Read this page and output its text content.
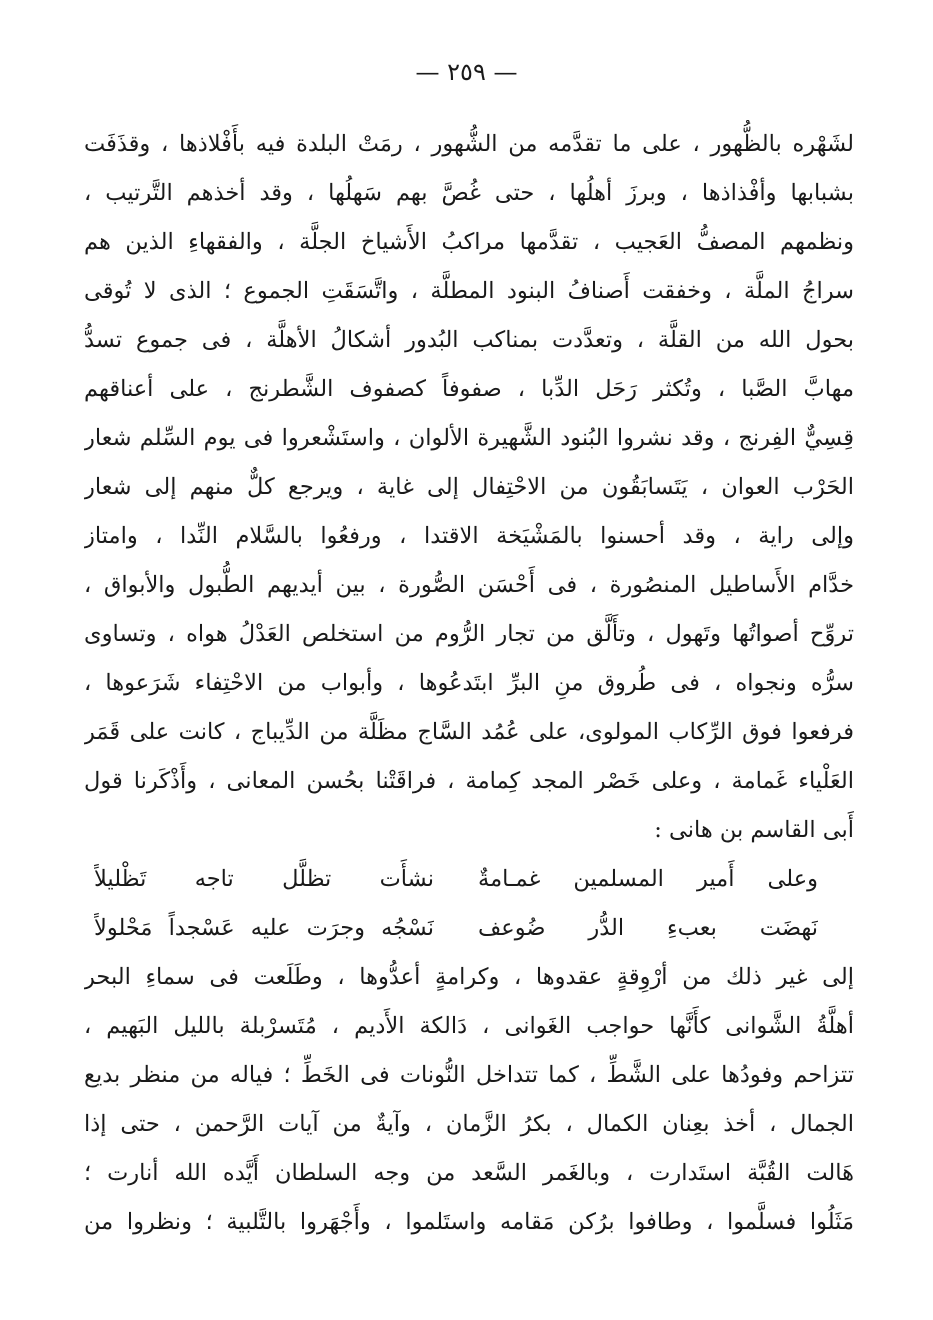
— ٢٥٩ —
لشَهْره بالظُّهور ، على ما تقدَّمه من الشُّهور ، رمَتْ البلدة فيه بأَفْلاذها ، وقذَفَت
بشبابها وأفْذاذها ، وبرزَ أهلُها ، حتى غُصَّ بهم سَهلُها ، وقد أخذهم التَّرتيب ،
ونظمهم المصفُّ العَجيب ، تقدَّمها مراكبُ الأَشياخ الجلَّة ، والفقهاءِ الذين هم
سراجُ الملَّة ، وخفقت أَصنافُ البنود المطلَّة ، واتَّسَقَتِ الجموع ؛ الذى لا تُوقى
بحول الله من القلَّة ، وتعدَّدت بمناكب البُدور أشكالُ الأهلَّة ، فى جموع تسدُّ
مهابَّ الصَّبا ، وتُكثر رَحَل الدِّبا ، صفوفاً كصفوف الشَّطرنج ، على أعناقهم
قِسِيٌّ الفِرنج ، وقد نشروا البُنود الشَّهيرة الألوان ، واستَشْعروا فى يوم السِّلم شعار
الحَرْب العوان ، يَتَسابَقُون من الاحْتِفال إلى غاية ، ويرجع كلٌّ منهم إلى شعار
وإلى راية ، وقد أحسنوا بالمَشْيَخة الاقتدا ، ورفعُوا بالسَّلام النِّدا ، وامتاز
خدَّام الأَساطيل المنصُورة ، فى أَحْسَن الصُّورة ، بين أيديهم الطُّبول والأبواق ،
تروِّح أصواتُها وتَهول ، وتأَلَّق من تجار الرُّوم من استخلص العَدْلُ هواه ، وتساوى
سرُّه ونجواه ، فى طُروق منِ البرِّ ابتَدعُوها ، وأبواب من الاحْتِفاء شَرَعوها ،
فرفعوا فوق الرِّكاب المولوى، على عُمُد السَّاج مظَلَّة من الدِّيباج ، كانت على قَمَر
العَلْياء غَمامة ، وعلى خَصْر المجد كِمامة ، فراقَتْنا بحُسن المعانى ، وأَذْكَرنا قول
أَبى القاسم بن هانى :
وعلى أَمير المسلمين غمـامةٌ
نشأَت تظلَّل تاجه تَظْليلاً
نَهضَت بعبءِ الدُّر ضُوعف
نَسْجُه وجرَت عليه عَسْجداً مَحْلولاً
إلى غير ذلك من أرْوِقةٍ عقدوها ، وكرامةٍ أعدُّوها ، وطَلَعت فى سماءِ البحر
أهلَّةُ الشَّوانى كأَنَّها حواجب الغَوانى ، دَالكة الأَديم ، مُتَسرْبلة بالليل البَهيم ،
تتزاحم وفودُها على الشَّطِّ ، كما تتداخل النُّونات فى الخَطِّ ؛ فياله من منظر بديع
الجمال ، أخذ بعِنان الكمال ، بكرُ الزَّمان ، وآيةٌ من آيات الرَّحمن ، حتى إذا
هَالت القُبَّة استَدارت ، وبالغَمر السَّعد من وجه السلطان أَيَّده الله أنارت ؛
مَثَلُوا فسلَّموا ، وطافوا برُكن مَقامه واستَلموا ، وأَجْهَروا بالتَّلبية ؛ ونظروا من
